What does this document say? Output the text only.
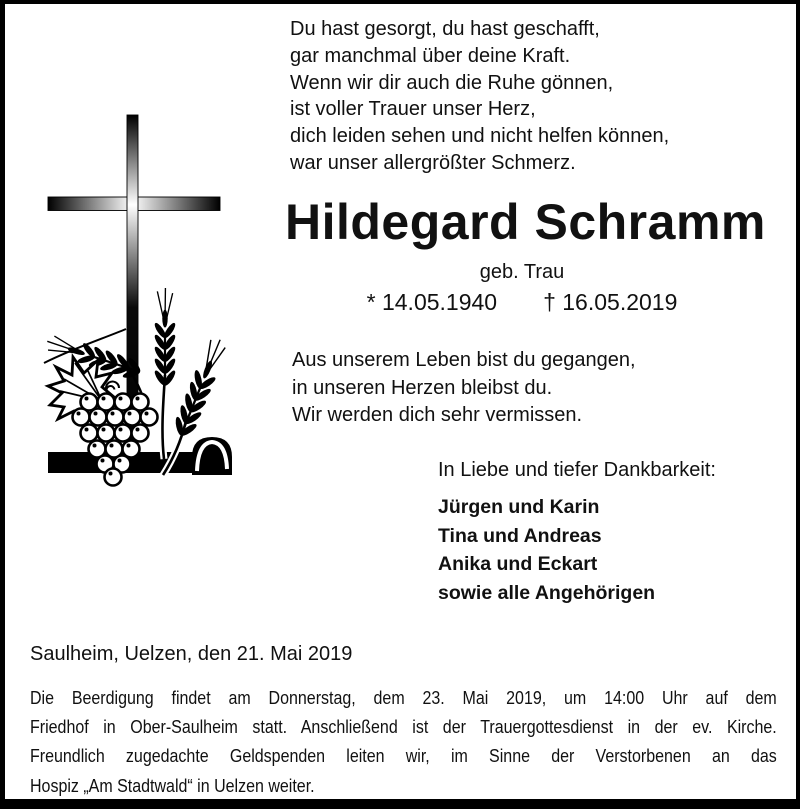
Du hast gesorgt, du hast geschafft,
gar manchmal über deine Kraft.
Wenn wir dir auch die Ruhe gönnen,
ist voller Trauer unser Herz,
dich leiden sehen und nicht helfen können,
war unser allergrößter Schmerz.
Hildegard Schramm
geb. Trau
* 14.05.1940 † 16.05.2019
Aus unserem Leben bist du gegangen,
in unseren Herzen bleibst du.
Wir werden dich sehr vermissen.
In Liebe und tiefer Dankbarkeit:
Jürgen und Karin
Tina und Andreas
Anika und Eckart
sowie alle Angehörigen
Saulheim, Uelzen, den 21. Mai 2019
Die Beerdigung findet am Donnerstag, dem 23. Mai 2019, um 14:00 Uhr auf dem
Friedhof in Ober-Saulheim statt. Anschließend ist der Trauergottesdienst in der ev. Kirche.
Freundlich zugedachte Geldspenden leiten wir, im Sinne der Verstorbenen an das
Hospiz „Am Stadtwald“ in Uelzen weiter.
